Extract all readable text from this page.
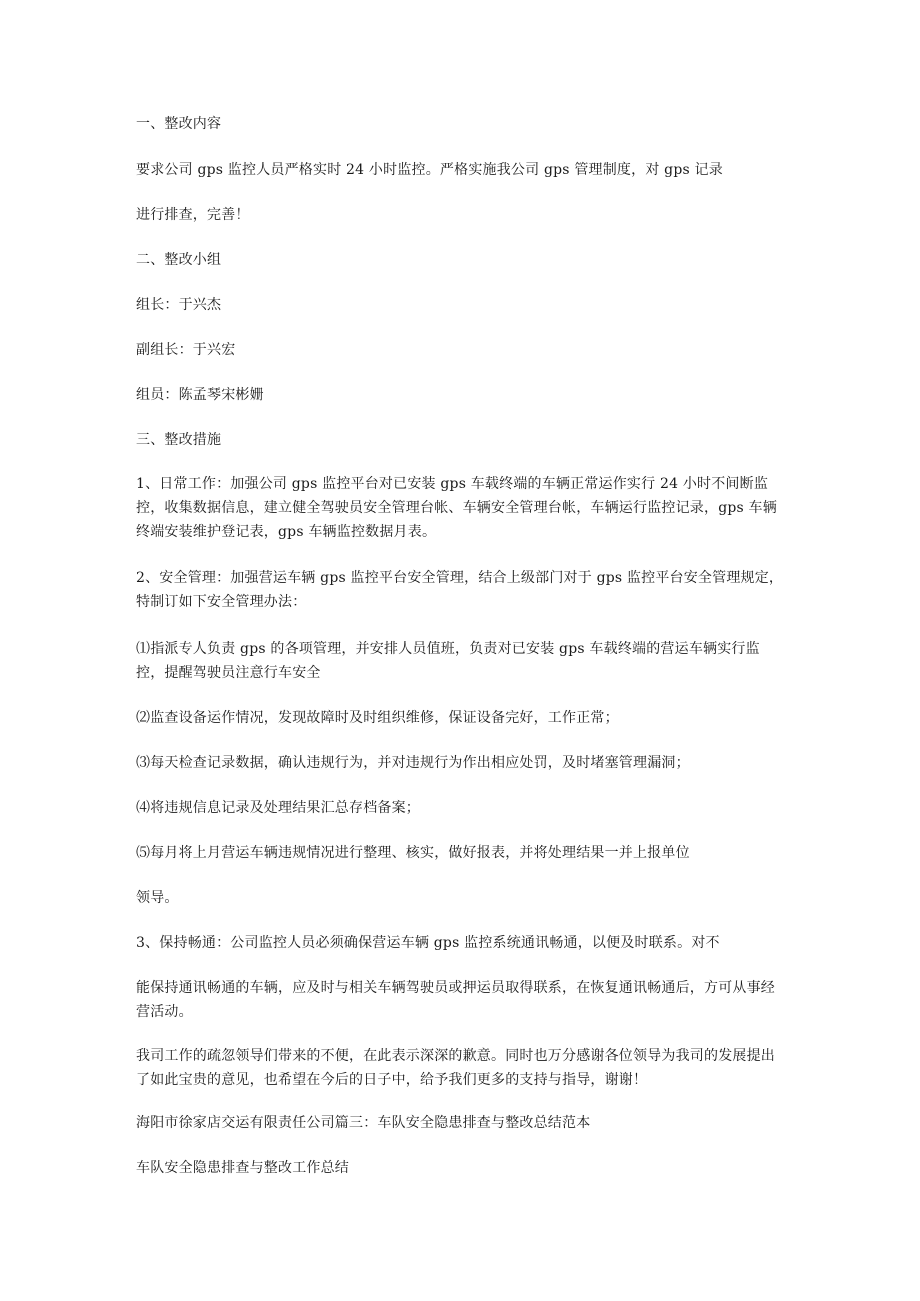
一、整改内容

要求公司 gps 监控人员严格实时 24 小时监控。严格实施我公司 gps 管理制度，对 gps 记录

进行排查，完善！

二、整改小组

组长：于兴杰

副组长：于兴宏

组员：陈孟琴宋彬姗

三、整改措施

1、日常工作：加强公司 gps 监控平台对已安装 gps 车载终端的车辆正常运作实行 24 小时不间断监控，收集数据信息，建立健全驾驶员安全管理台帐、车辆安全管理台帐，车辆运行监控记录，gps 车辆终端安装维护登记表，gps 车辆监控数据月表。

2、安全管理：加强营运车辆 gps 监控平台安全管理，结合上级部门对于 gps 监控平台安全管理规定，特制订如下安全管理办法：

⑴指派专人负责 gps 的各项管理，并安排人员值班，负责对已安装 gps 车载终端的营运车辆实行监控，提醒驾驶员注意行车安全

⑵监查设备运作情况，发现故障时及时组织维修，保证设备完好，工作正常；

⑶每天检查记录数据，确认违规行为，并对违规行为作出相应处罚，及时堵塞管理漏洞；

⑷将违规信息记录及处理结果汇总存档备案；

⑸每月将上月营运车辆违规情况进行整理、核实，做好报表，并将处理结果一并上报单位

领导。

3、保持畅通：公司监控人员必须确保营运车辆 gps 监控系统通讯畅通，以便及时联系。对不

能保持通讯畅通的车辆，应及时与相关车辆驾驶员或押运员取得联系，在恢复通讯畅通后，方可从事经营活动。

我司工作的疏忽领导们带来的不便，在此表示深深的歉意。同时也万分感谢各位领导为我司的发展提出了如此宝贵的意见，也希望在今后的日子中，给予我们更多的支持与指导，谢谢！

海阳市徐家店交运有限责任公司篇三：车队安全隐患排查与整改总结范本

车队安全隐患排查与整改工作总结
